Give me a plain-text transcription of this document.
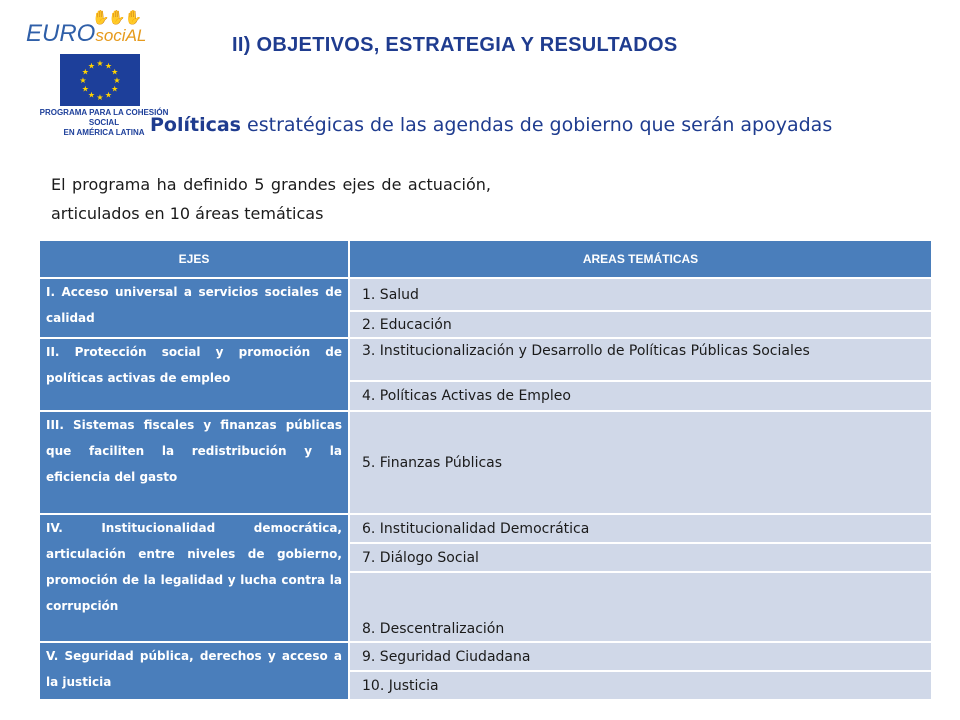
✋✋✋
EUROsociAL
★ ★
★
★
★
★
★
★
★
★
★
★
PROGRAMA PARA LA COHESIÓN SOCIAL
EN AMÉRICA LATINA
II) OBJETIVOS, ESTRATEGIA Y RESULTADOS
Políticas estratégicas de las agendas de gobierno que serán apoyadas
El programa ha definido 5 grandes ejes de actuación, articulados en 10 áreas temáticas
EJES	AREAS TEMÁTICAS
I. Acceso universal a servicios sociales de calidad	1. Salud
	2. Educación
II. Protección social y promoción de políticas activas de empleo	3. Institucionalización y Desarrollo de Políticas Públicas Sociales
	4. Políticas Activas de Empleo
III. Sistemas fiscales y finanzas públicas que faciliten la redistribución y la eficiencia del gasto	5. Finanzas Públicas
IV. Institucionalidad democrática, articulación entre niveles de gobierno, promoción de la legalidad y lucha contra la corrupción	6. Institucionalidad Democrática
	7. Diálogo Social
	8. Descentralización
V. Seguridad pública, derechos y acceso a la justicia	9. Seguridad Ciudadana
	10. Justicia
